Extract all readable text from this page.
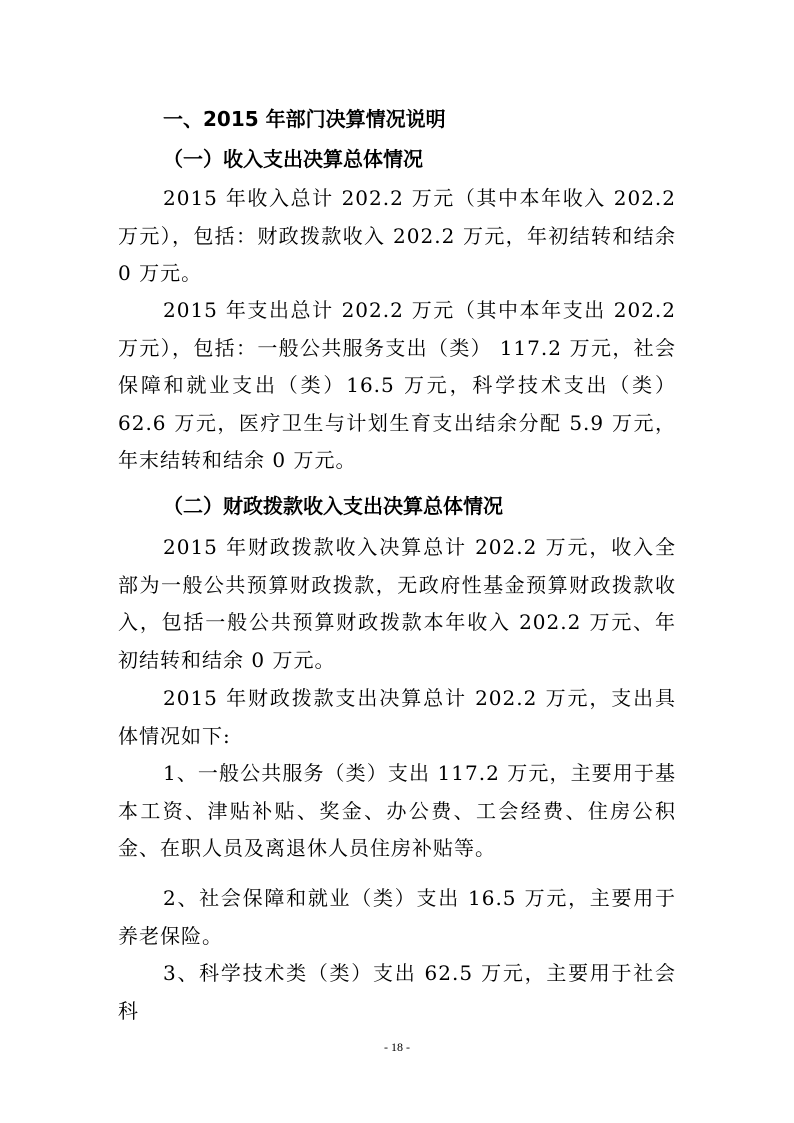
一、2015 年部门决算情况说明
（一）收入支出决算总体情况
2015 年收入总计 202.2 万元（其中本年收入 202.2 万元），包括：财政拨款收入 202.2 万元，年初结转和结余 0 万元。
2015 年支出总计 202.2 万元（其中本年支出 202.2 万元），包括：一般公共服务支出（类） 117.2 万元，社会保障和就业支出（类）16.5 万元，科学技术支出（类）62.6 万元，医疗卫生与计划生育支出结余分配 5.9 万元，年末结转和结余 0 万元。
（二）财政拨款收入支出决算总体情况
2015 年财政拨款收入决算总计 202.2 万元，收入全部为一般公共预算财政拨款，无政府性基金预算财政拨款收入，包括一般公共预算财政拨款本年收入 202.2 万元、年初结转和结余 0 万元。
2015 年财政拨款支出决算总计 202.2 万元，支出具体情况如下:
1、一般公共服务（类）支出 117.2 万元，主要用于基本工资、津贴补贴、奖金、办公费、工会经费、住房公积金、在职人员及离退休人员住房补贴等。
2、社会保障和就业（类）支出 16.5 万元，主要用于养老保险。
3、科学技术类（类）支出 62.5 万元，主要用于社会科
- 18 -
